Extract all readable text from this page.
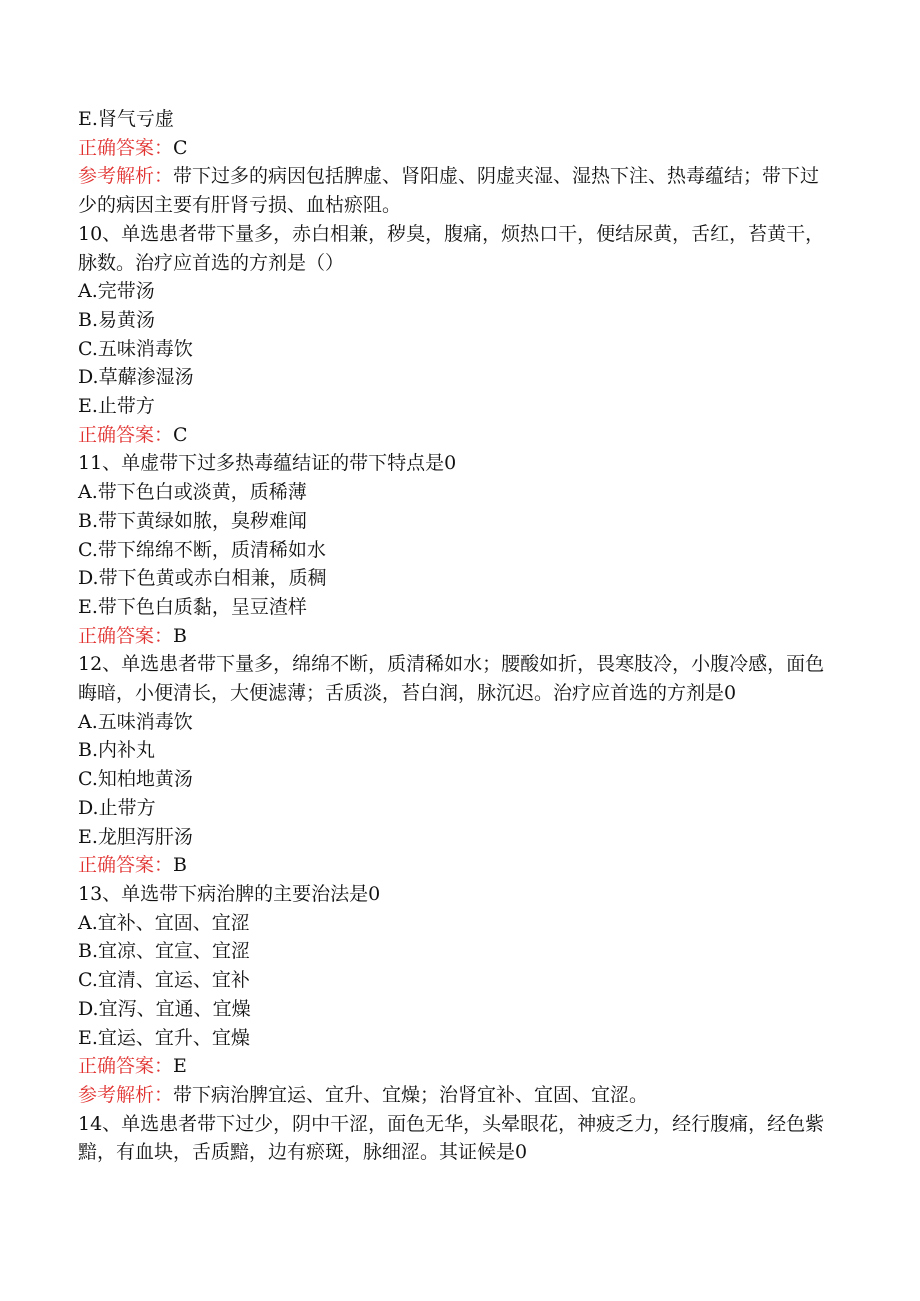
E.肾气亏虚
正确答案：C
参考解析：带下过多的病因包括脾虚、肾阳虚、阴虚夹湿、湿热下注、热毒蕴结；带下过少的病因主要有肝肾亏损、血枯瘀阻。
10、单选患者带下量多，赤白相兼，秽臭，腹痛，烦热口干，便结尿黄，舌红，苔黄干，脉数。治疗应首选的方剂是（）
A.完带汤
B.易黄汤
C.五味消毒饮
D.草薢渗湿汤
E.止带方
正确答案：C
11、单虚带下过多热毒蕴结证的带下特点是0
A.带下色白或淡黄，质稀薄
B.带下黄绿如脓，臭秽难闻
C.带下绵绵不断，质清稀如水
D.带下色黄或赤白相兼，质稠
E.带下色白质黏，呈豆渣样
正确答案：B
12、单选患者带下量多，绵绵不断，质清稀如水；腰酸如折，畏寒肢冷，小腹冷感，面色晦暗，小便清长，大便滤薄；舌质淡，苔白润，脉沉迟。治疗应首选的方剂是0
A.五味消毒饮
B.内补丸
C.知柏地黄汤
D.止带方
E.龙胆泻肝汤
正确答案：B
13、单选带下病治脾的主要治法是0
A.宜补、宜固、宜涩
B.宜凉、宜宣、宜涩
C.宜清、宜运、宜补
D.宜泻、宜通、宜燥
E.宜运、宜升、宜燥
正确答案：E
参考解析：带下病治脾宜运、宜升、宜燥；治肾宜补、宜固、宜涩。
14、单选患者带下过少，阴中干涩，面色无华，头晕眼花，神疲乏力，经行腹痛，经色紫黯，有血块，舌质黯，边有瘀斑，脉细涩。其证候是0
